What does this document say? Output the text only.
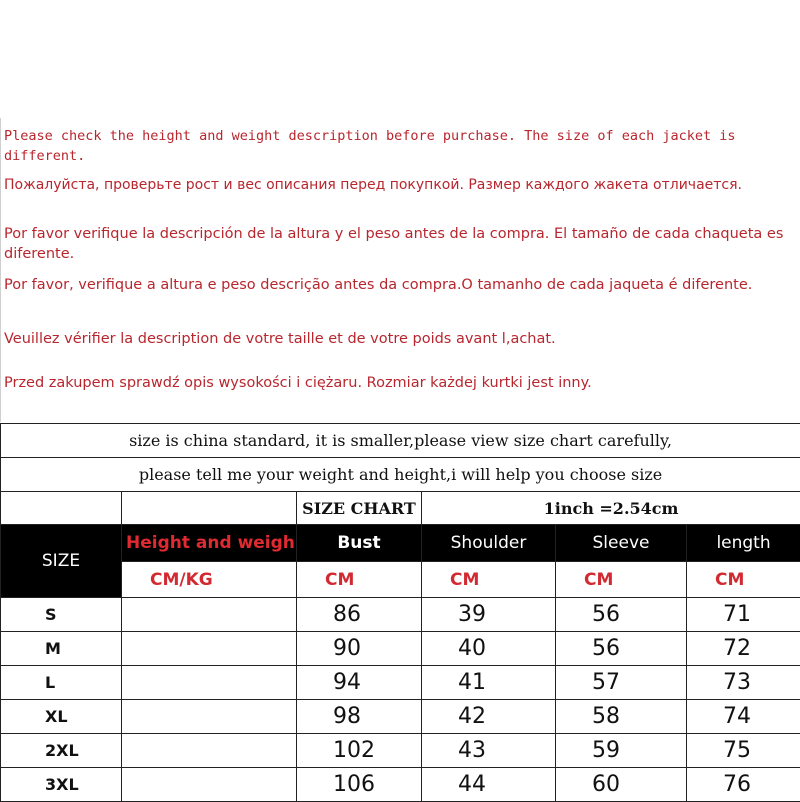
Please check the height and weight description before purchase. The size of each jacket is different.

Пожалуйста, проверьте рост и вес описания перед покупкой. Размер каждого жакета отличается.

Por favor verifique la descripción de la altura y el peso antes de la compra. El tamaño de cada chaqueta es diferente.

Por favor, verifique a altura e peso descrição antes da compra.O tamanho de cada jaqueta é diferente.

Veuillez vérifier la description de votre taille et de votre poids avant l,achat.

Przed zakupem sprawdź opis wysokości i ciężaru. Rozmiar każdej kurtki jest inny.

size is china standard, it is smaller,please view size chart carefully,					
please tell me your weight and height,i will help you choose size					
		SIZE CHART	1inch =2.54cm		
SIZE	Height and weigh	Bust	Shoulder	Sleeve	length
	CM/KG	CM	CM	CM	CM
S		86	39	56	71
M		90	40	56	72
L		94	41	57	73
XL		98	42	58	74
2XL		102	43	59	75
3XL		106	44	60	76
